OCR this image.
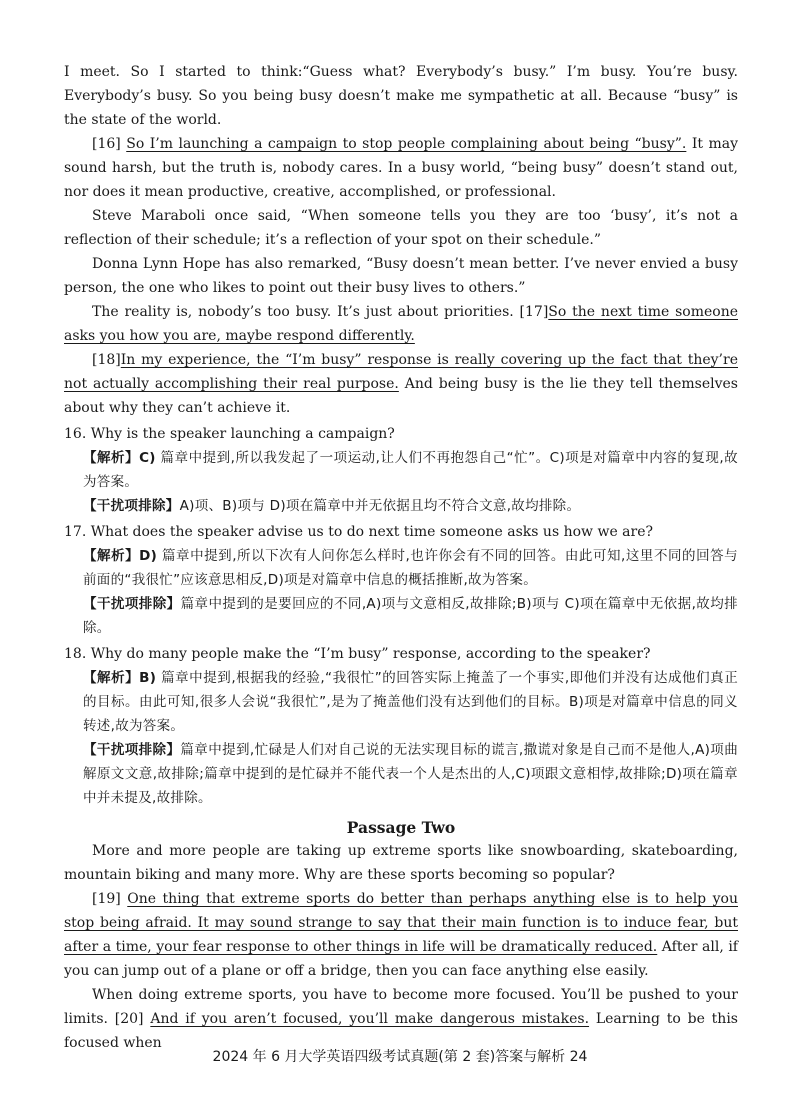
I meet. So I started to think:“Guess what? Everybody’s busy.” I’m busy. You’re busy. Everybody’s busy. So you being busy doesn’t make me sympathetic at all. Because “busy” is the state of the world.

[16] So I’m launching a campaign to stop people complaining about being “busy”. It may sound harsh, but the truth is, nobody cares. In a busy world, “being busy” doesn’t stand out, nor does it mean productive, creative, accomplished, or professional.

Steve Maraboli once said, “When someone tells you they are too ‘busy’, it’s not a reflection of their schedule; it’s a reflection of your spot on their schedule.”

Donna Lynn Hope has also remarked, “Busy doesn’t mean better. I’ve never envied a busy person, the one who likes to point out their busy lives to others.”

The reality is, nobody’s too busy. It’s just about priorities. [17]So the next time someone asks you how you are, maybe respond differently.

[18]In my experience, the “I’m busy” response is really covering up the fact that they’re not actually accomplishing their real purpose. And being busy is the lie they tell themselves about why they can’t achieve it.

16. Why is the speaker launching a campaign?

【解析】C) 篇章中提到,所以我发起了一项运动,让人们不再抱怨自己“忙”。C)项是对篇章中内容的复现,故为答案。

【干扰项排除】A)项、B)项与 D)项在篇章中并无依据且均不符合文意,故均排除。

17. What does the speaker advise us to do next time someone asks us how we are?

【解析】D) 篇章中提到,所以下次有人问你怎么样时,也许你会有不同的回答。由此可知,这里不同的回答与前面的“我很忙”应该意思相反,D)项是对篇章中信息的概括推断,故为答案。

【干扰项排除】篇章中提到的是要回应的不同,A)项与文意相反,故排除;B)项与 C)项在篇章中无依据,故均排除。

18. Why do many people make the “I’m busy” response, according to the speaker?

【解析】B) 篇章中提到,根据我的经验,“我很忙”的回答实际上掩盖了一个事实,即他们并没有达成他们真正的目标。由此可知,很多人会说“我很忙”,是为了掩盖他们没有达到他们的目标。B)项是对篇章中信息的同义转述,故为答案。

【干扰项排除】篇章中提到,忙碌是人们对自己说的无法实现目标的谎言,撒谎对象是自己而不是他人,A)项曲解原文文意,故排除;篇章中提到的是忙碌并不能代表一个人是杰出的人,C)项跟文意相悖,故排除;D)项在篇章中并未提及,故排除。

Passage Two

More and more people are taking up extreme sports like snowboarding, skateboarding, mountain biking and many more. Why are these sports becoming so popular?

[19] One thing that extreme sports do better than perhaps anything else is to help you stop being afraid. It may sound strange to say that their main function is to induce fear, but after a time, your fear response to other things in life will be dramatically reduced. After all, if you can jump out of a plane or off a bridge, then you can face anything else easily.

When doing extreme sports, you have to become more focused. You’ll be pushed to your limits. [20] And if you aren’t focused, you’ll make dangerous mistakes. Learning to be this focused when

2024 年 6 月大学英语四级考试真题(第 2 套)答案与解析 24
